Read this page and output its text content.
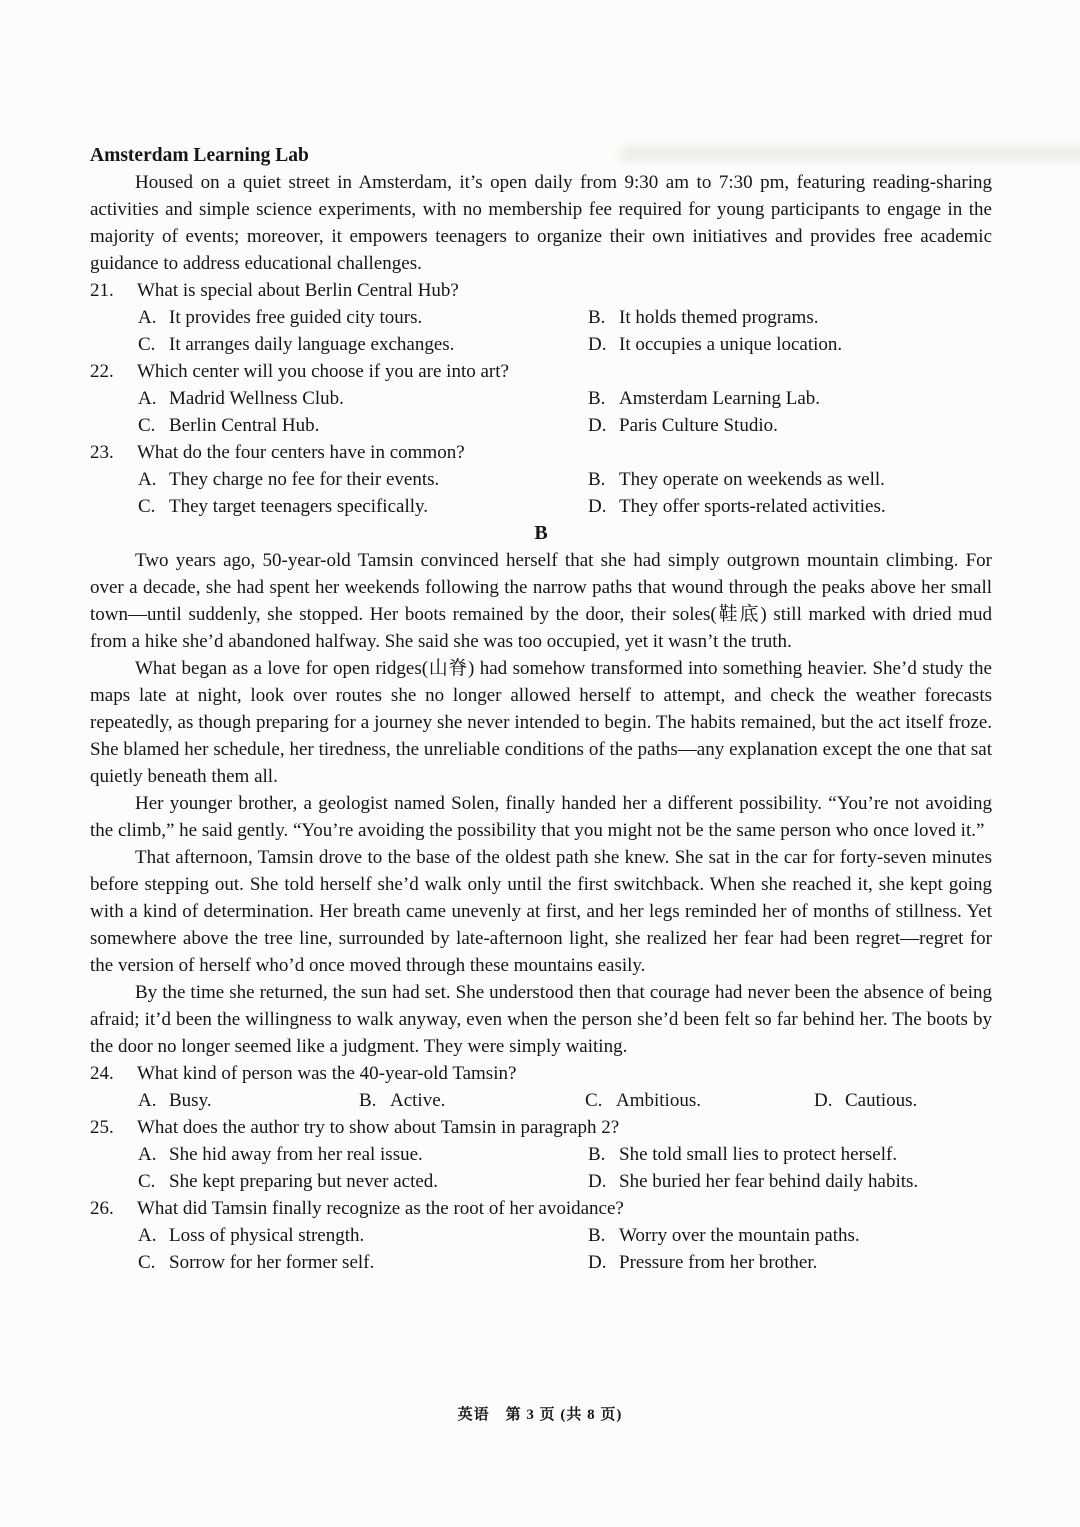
Amsterdam Learning Lab

Housed on a quiet street in Amsterdam, it’s open daily from 9:30 am to 7:30 pm, featuring reading-sharing activities and simple science experiments, with no membership fee required for young participants to engage in the majority of events; moreover, it empowers teenagers to organize their own initiatives and provides free academic guidance to address educational challenges.

21.	What is special about Berlin Central Hub?
A. It provides free guided city tours.	B. It holds themed programs.
C. It arranges daily language exchanges.	D. It occupies a unique location.
22.	Which center will you choose if you are into art?
A. Madrid Wellness Club.	B. Amsterdam Learning Lab.
C. Berlin Central Hub.	D. Paris Culture Studio.
23.	What do the four centers have in common?
A. They charge no fee for their events.	B. They operate on weekends as well.
C. They target teenagers specifically.	D. They offer sports-related activities.

B

Two years ago, 50-year-old Tamsin convinced herself that she had simply outgrown mountain climbing. For over a decade, she had spent her weekends following the narrow paths that wound through the peaks above her small town—until suddenly, she stopped. Her boots remained by the door, their soles(鞋底) still marked with dried mud from a hike she’d abandoned halfway. She said she was too occupied, yet it wasn’t the truth.

What began as a love for open ridges(山脊) had somehow transformed into something heavier. She’d study the maps late at night, look over routes she no longer allowed herself to attempt, and check the weather forecasts repeatedly, as though preparing for a journey she never intended to begin. The habits remained, but the act itself froze. She blamed her schedule, her tiredness, the unreliable conditions of the paths—any explanation except the one that sat quietly beneath them all.

Her younger brother, a geologist named Solen, finally handed her a different possibility. “You’re not avoiding the climb,” he said gently. “You’re avoiding the possibility that you might not be the same person who once loved it.”

That afternoon, Tamsin drove to the base of the oldest path she knew. She sat in the car for forty-seven minutes before stepping out. She told herself she’d walk only until the first switchback. When she reached it, she kept going with a kind of determination. Her breath came unevenly at first, and her legs reminded her of months of stillness. Yet somewhere above the tree line, surrounded by late-afternoon light, she realized her fear had been regret—regret for the version of herself who’d once moved through these mountains easily.

By the time she returned, the sun had set. She understood then that courage had never been the absence of being afraid; it’d been the willingness to walk anyway, even when the person she’d been felt so far behind her. The boots by the door no longer seemed like a judgment. They were simply waiting.

24.	What kind of person was the 40-year-old Tamsin?
A. Busy.	B. Active.	C. Ambitious.	D. Cautious.
25.	What does the author try to show about Tamsin in paragraph 2?
A. She hid away from her real issue.	B. She told small lies to protect herself.
C. She kept preparing but never acted.	D. She buried her fear behind daily habits.
26.	What did Tamsin finally recognize as the root of her avoidance?
A. Loss of physical strength.	B. Worry over the mountain paths.
C. Sorrow for her former self.	D. Pressure from her brother.
英语　第 3 页 (共 8 页)
